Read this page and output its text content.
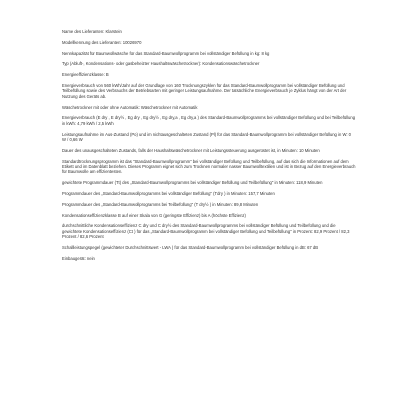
Name des Lieferanten: Klarstein

Modellkennung des Lieferanten: 10026970

Nennkapazität für Baumwollwäsche für das Standard-Baumwollprogramm bei vollständiger Befüllung in kg: 8 kg

Typ (Abluft-, Kondensations- oder gasbeheizter Haushaltswäschetrockner): Kondensationswäschetrockner

Energieeffizienzklasse: B

Energieverbrauch von 560 kWh/Jahr auf der Grundlage von 160 Trocknungszyklen für das Standard-Baumwollprogramm bei vollständiger Befüllung und Teilbefüllung sowie des Verbrauchs der Betriebsarten mit geringer Leistungsaufnahme. Der tatsächliche Energieverbrauch je Zyklus hängt von der Art der Nutzung des Geräts ab.

Wäschetrockner mit oder ohne Automatik: Wäschetrockner mit Automatik

Energieverbrauch (E dry , E dry½ , Eg dry , Eg dry½ , Eg dry,a , Eg dry,a ) des Standard-Baumwollprogramms bei vollständiger Befüllung und bei Teilbefüllung in kWh: 4,79 kWh / 2,5 kWh

Leistungsaufnahme im Aus-Zustand (Po) und im nichtausgeschalteten Zustand (Pl) für das Standard-Baumwollprogramm bei vollständiger Befüllung in W: 0 W / 0,66 W

Dauer des unausgeschalteten Zustands, falls der Haushaltswäschetrockner mit Leistungssteuerung ausgerüstet ist, in Minuten: 10 Minuten

Standardtrocknungsprogramm ist das "Standard-Baumwollprogramm" bei vollständiger Befüllung und Teilbefüllung, auf das sich die Informationen auf dem Etikett und im Datenblatt beziehen. Dieses Programm eignet sich zum Trocknen normaler nasser Baumwolltextilien und ist in Bezug auf den Energieverbrauch für Baumwolle am effizientesten.

gewichtete Programmdauer (Tt) des „Standard-Baumwollprogramms bei vollständiger Befüllung und Teilbefüllung" in Minuten: 118,9 Minuten

Programmdauer des „Standard-Baumwollprogramms bei vollständiger Befüllung" (Tdry ) in Minuten: 157,7 Minuten

Programmdauer des „Standard-Baumwollprogramms bei Teilbefüllung" (T dry½ ) in Minuten: 89,8 Minuten

Kondensationseffizienzklasse B auf einer Skala von G (geringste Effizienz) bis A (höchste Effizienz)

durchschnittliche Kondensationseffizienz C dry und C dry½ des Standard-Baumwollprogramms bei vollständiger Befüllung und Teilbefüllung und die gewichtete Kondensationseffizienz (Ct ) für das „Standard-Baumwollprogramm bei vollständiger Befüllung und Teilbefüllung" in Prozent: 82,9 Prozent / 82,3 Prozent / 82,6 Prozent

Schallleistungspegel (gewichteter Durchschnittswert - LWA ) für das Standard-Baumwollprogramm bei vollständiger Befüllung in dB: 67 dB

Einbaugerät: nein
